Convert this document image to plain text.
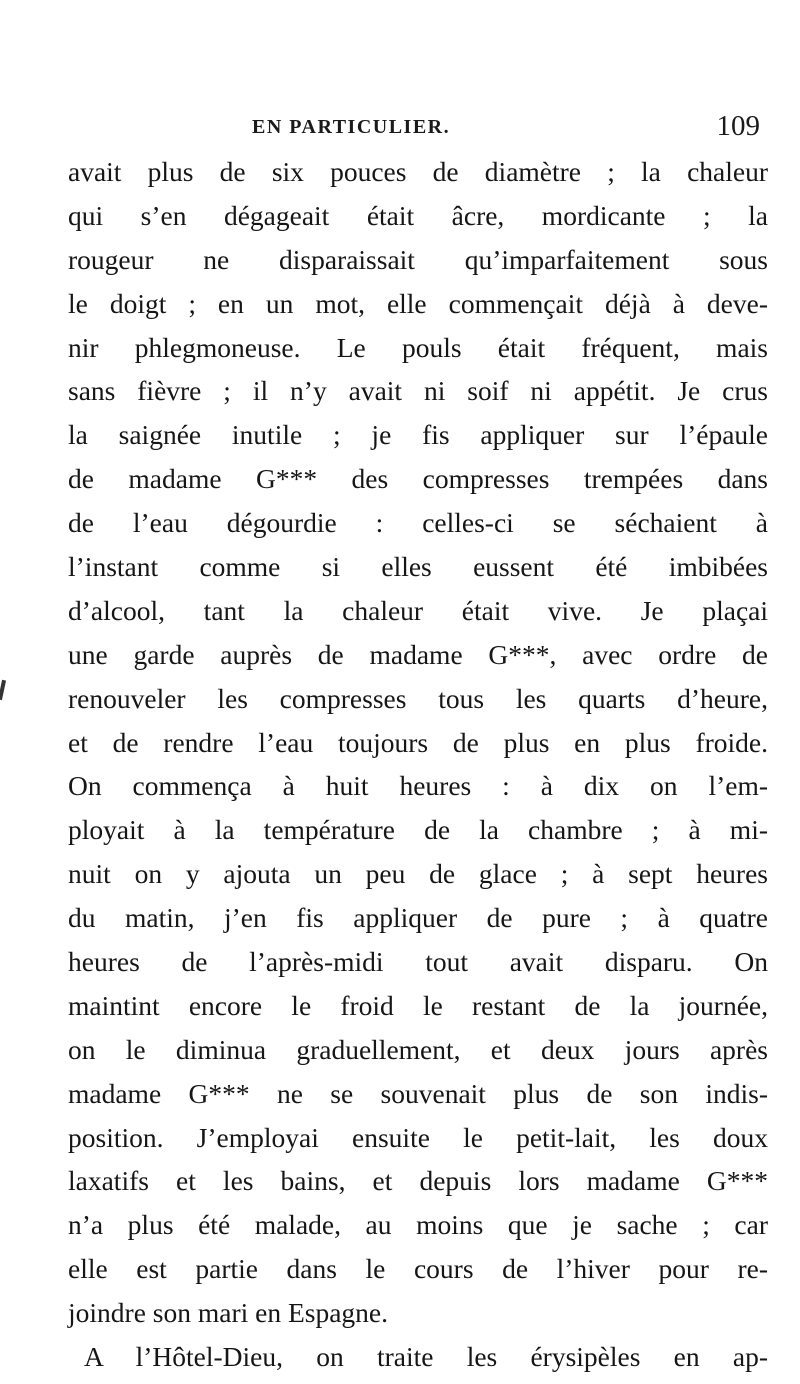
EN PARTICULIER.	109
avait plus de six pouces de diamètre ; la chaleur
qui s’en dégageait était âcre, mordicante ; la
rougeur ne disparaissait qu’imparfaitement sous
le doigt ; en un mot, elle commençait déjà à deve-
nir phlegmoneuse. Le pouls était fréquent, mais
sans fièvre ; il n’y avait ni soif ni appétit. Je crus
la saignée inutile ; je fis appliquer sur l’épaule
de madame G*** des compresses trempées dans
de l’eau dégourdie : celles-ci se séchaient à
l’instant comme si elles eussent été imbibées
d’alcool, tant la chaleur était vive. Je plaçai
une garde auprès de madame G***, avec ordre de
renouveler les compresses tous les quarts d’heure,
et de rendre l’eau toujours de plus en plus froide.
On commença à huit heures : à dix on l’em-
ployait à la température de la chambre ; à mi-
nuit on y ajouta un peu de glace ; à sept heures
du matin, j’en fis appliquer de pure ; à quatre
heures de l’après-midi tout avait disparu. On
maintint encore le froid le restant de la journée,
on le diminua graduellement, et deux jours après
madame G*** ne se souvenait plus de son indis-
position. J’employai ensuite le petit-lait, les doux
laxatifs et les bains, et depuis lors madame G***
n’a plus été malade, au moins que je sache ; car
elle est partie dans le cours de l’hiver pour re-
joindre son mari en Espagne.
A l’Hôtel-Dieu, on traite les érysipèles en ap-
